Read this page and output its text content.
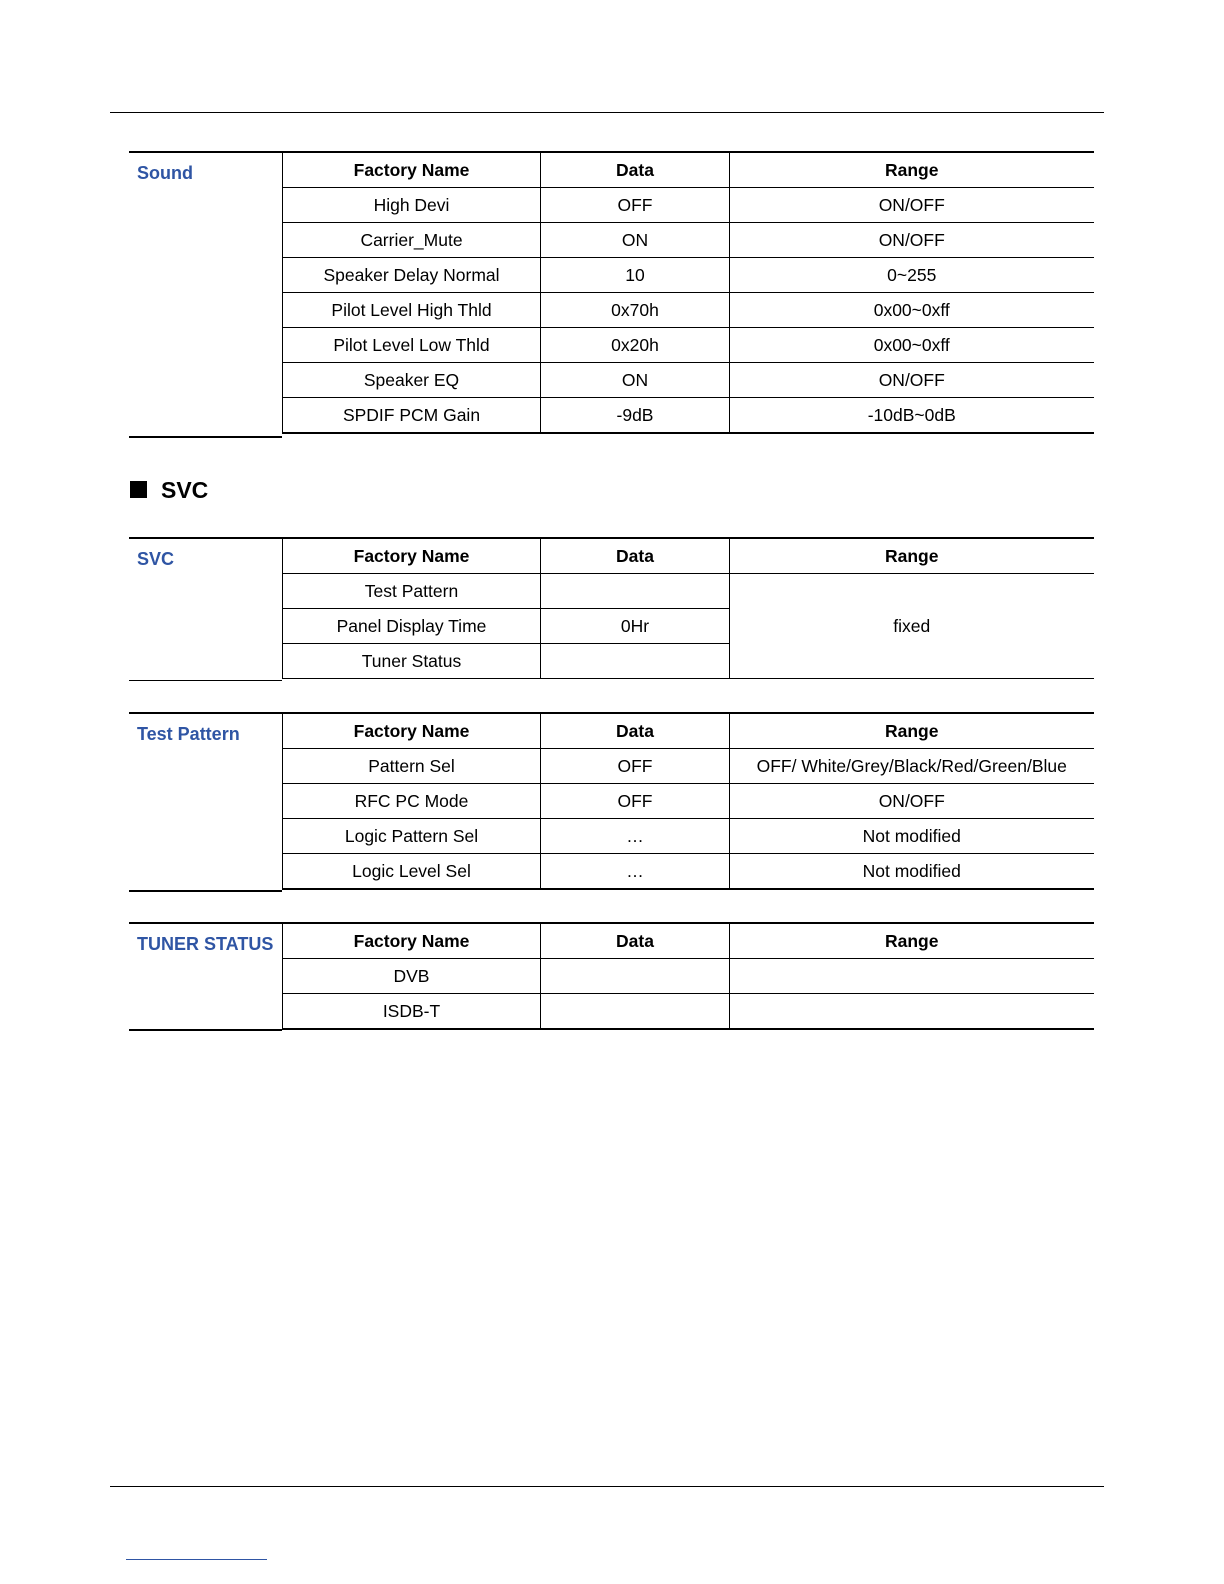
Sound	Factory Name	Data	Range
High Devi	OFF	ON/OFF
Carrier_Mute	ON	ON/OFF
Speaker Delay Normal	10	0~255
Pilot Level High Thld	0x70h	0x00~0xff
Pilot Level Low Thld	0x20h	0x00~0xff
Speaker EQ	ON	ON/OFF
SPDIF PCM Gain	-9dB	-10dB~0dB
SVC
SVC	Factory Name	Data	Range
Test Pattern		fixed
Panel Display Time	0Hr	
Tuner Status		
Test Pattern	Factory Name	Data	Range
Pattern Sel	OFF	OFF/ White/Grey/Black/Red/Green/Blue
RFC PC Mode	OFF	ON/OFF
Logic Pattern Sel	…	Not modified
Logic Level Sel	…	Not modified
TUNER STATUS	Factory Name	Data	Range
DVB		
ISDB-T		
